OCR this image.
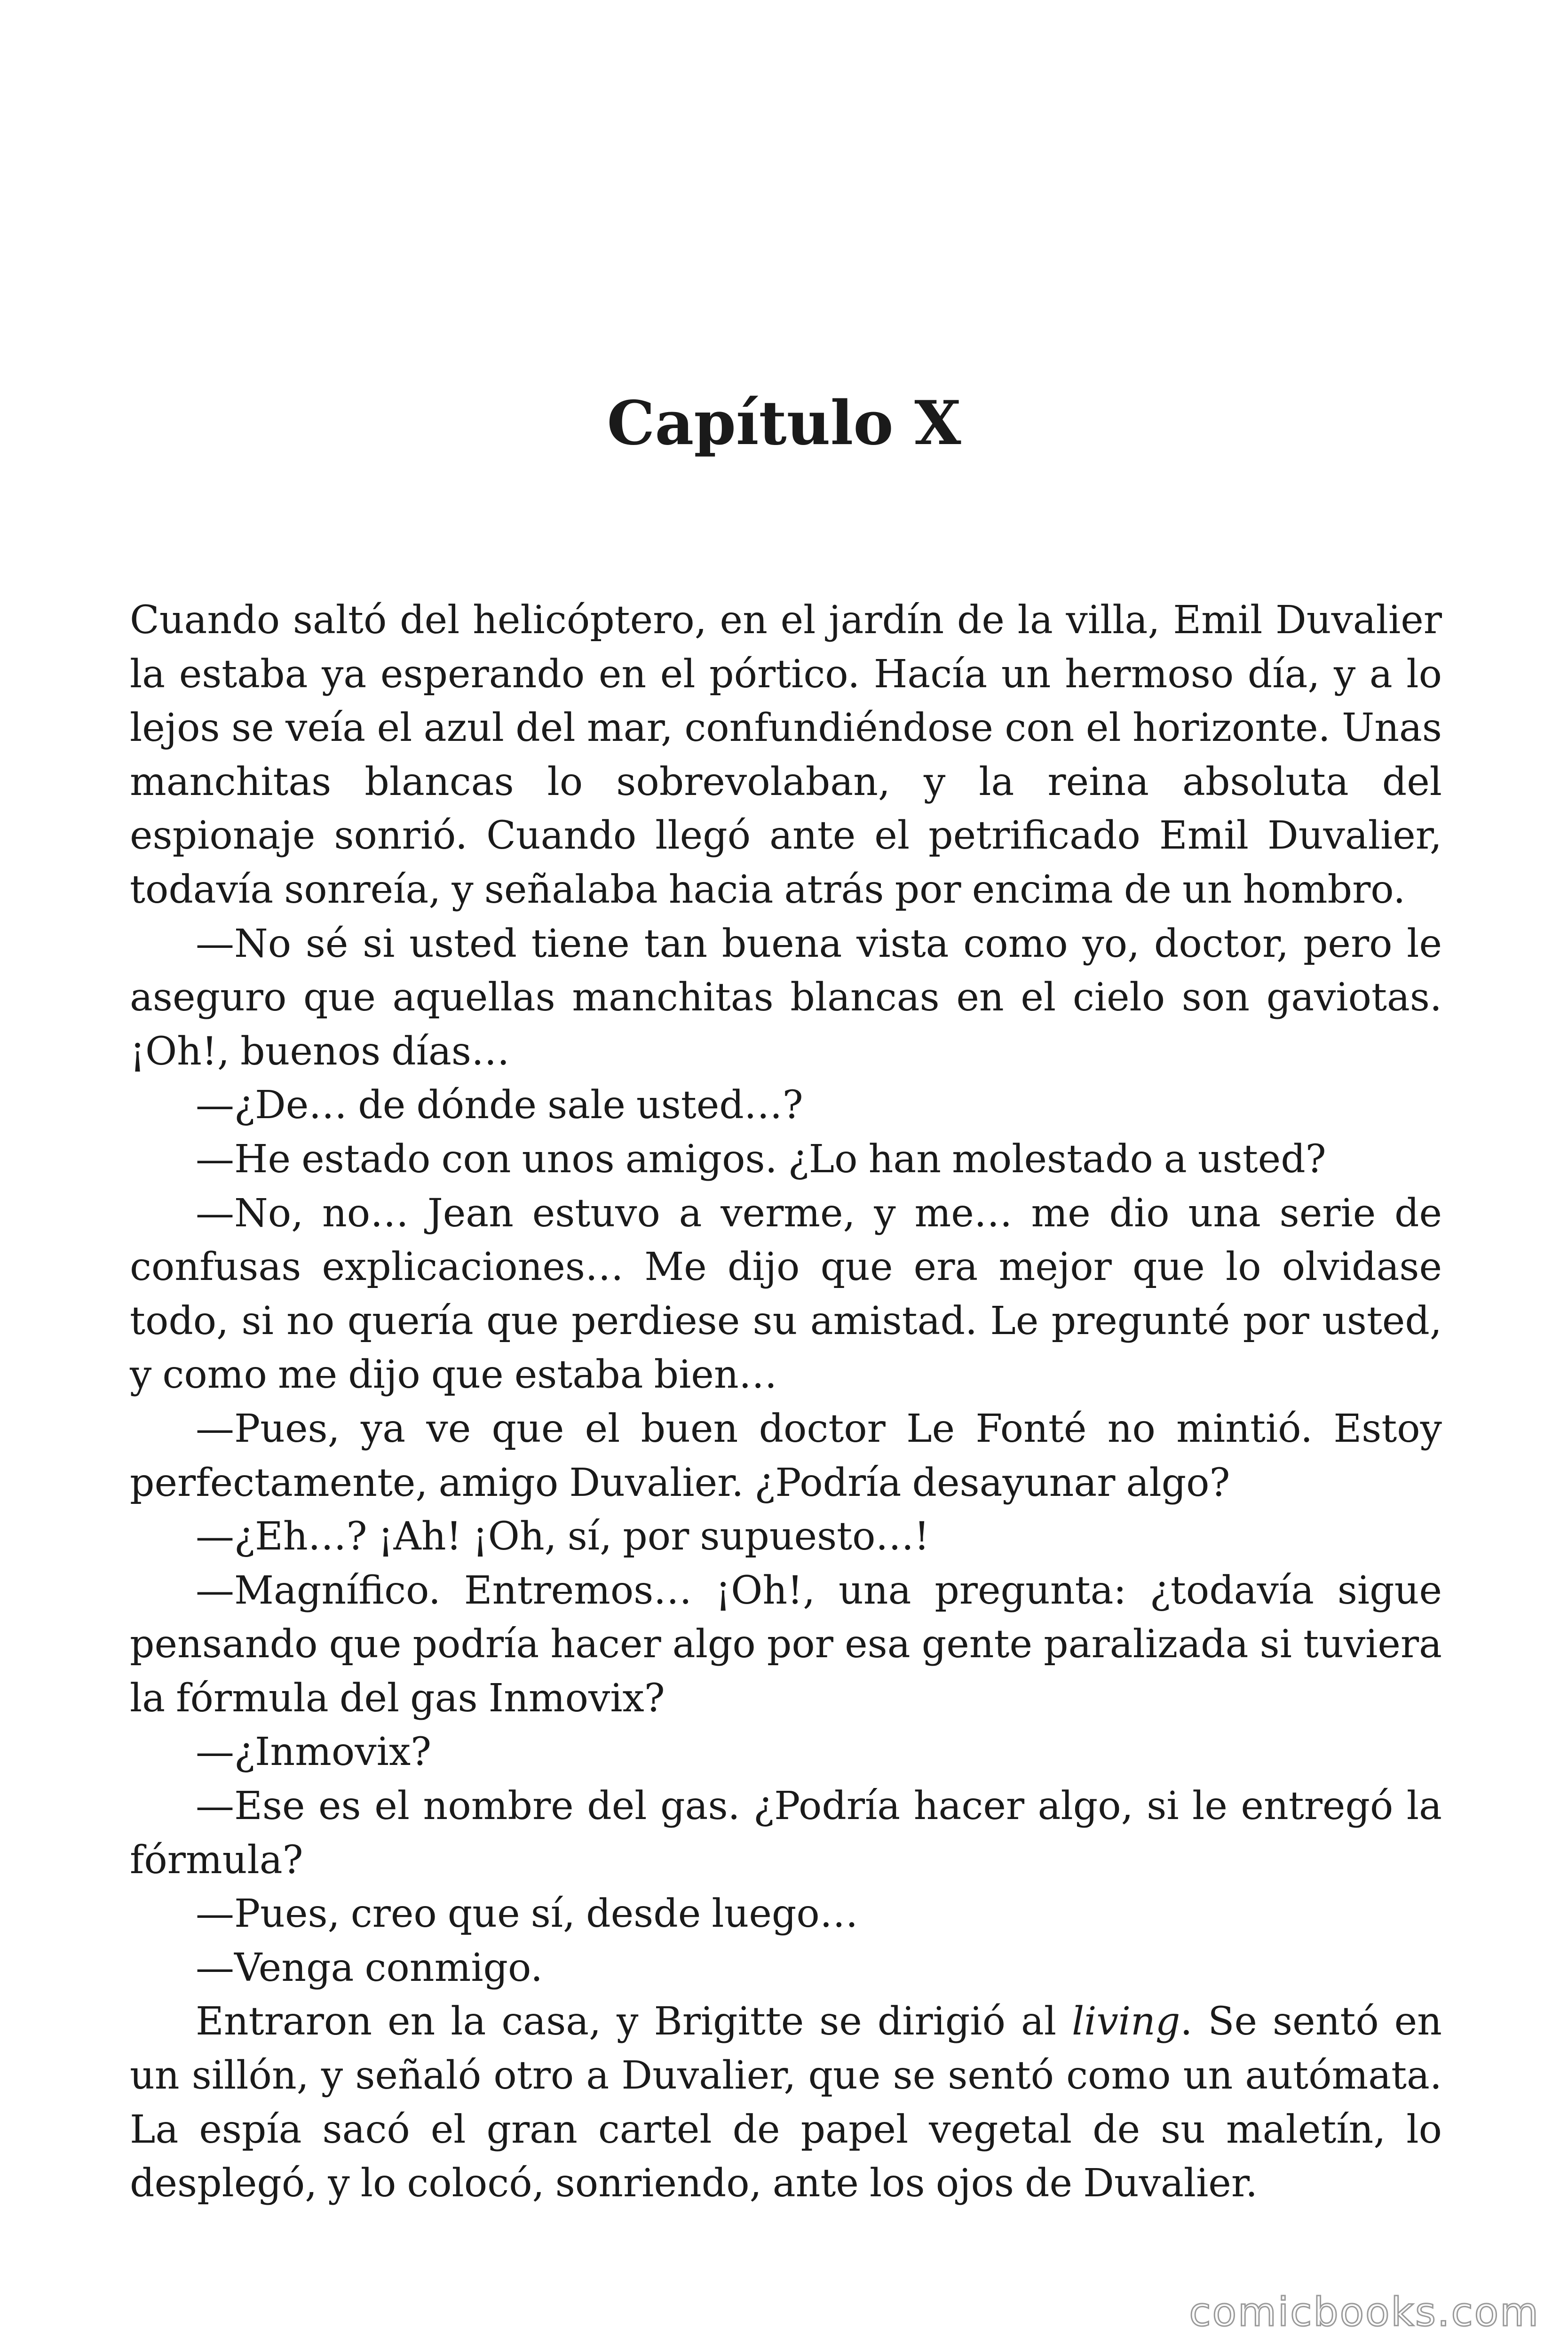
Capítulo X

Cuando saltó del helicóptero, en el jardín de la villa, Emil Duvalier la estaba ya esperando en el pórtico. Hacía un hermoso día, y a lo lejos se veía el azul del mar, confundiéndose con el horizonte. Unas manchitas blancas lo sobrevolaban, y la reina absoluta del espionaje sonrió. Cuando llegó ante el petrificado Emil Duvalier, todavía sonreía, y señalaba hacia atrás por encima de un hombro.

—No sé si usted tiene tan buena vista como yo, doctor, pero le aseguro que aquellas manchitas blancas en el cielo son gaviotas. ¡Oh!, buenos días…

—¿De… de dónde sale usted…?

—He estado con unos amigos. ¿Lo han molestado a usted?

—No, no… Jean estuvo a verme, y me… me dio una serie de confusas explicaciones… Me dijo que era mejor que lo olvidase todo, si no quería que perdiese su amistad. Le pregunté por usted, y como me dijo que estaba bien…

—Pues, ya ve que el buen doctor Le Fonté no mintió. Estoy perfectamente, amigo Duvalier. ¿Podría desayunar algo?

—¿Eh…? ¡Ah! ¡Oh, sí, por supuesto…!

—Magnífico. Entremos… ¡Oh!, una pregunta: ¿todavía sigue pensando que podría hacer algo por esa gente paralizada si tuviera la fórmula del gas Inmovix?

—¿Inmovix?

—Ese es el nombre del gas. ¿Podría hacer algo, si le entregó la fórmula?

—Pues, creo que sí, desde luego…

—Venga conmigo.

Entraron en la casa, y Brigitte se dirigió al living. Se sentó en un sillón, y señaló otro a Duvalier, que se sentó como un autómata. La espía sacó el gran cartel de papel vegetal de su maletín, lo desplegó, y lo colocó, sonriendo, ante los ojos de Duvalier.

comicbooks.com
